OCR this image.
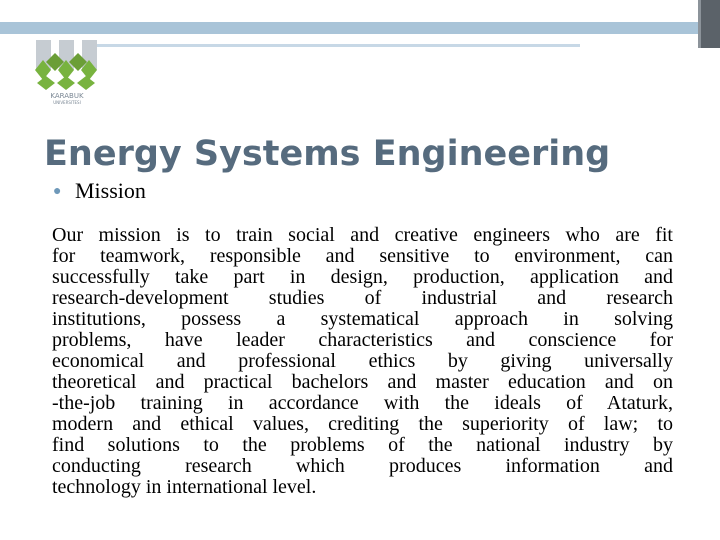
KARABUK
UNIVERSITESI
Energy Systems Engineering
● Mission
Our mission is to train social and creative engineers who are fit
for teamwork, responsible and sensitive to environment, can
successfully take part in design, production, application and
research-development studies of industrial and research
institutions, possess a systematical approach in solving
problems, have leader characteristics and conscience for
economical and professional ethics by giving universally
theoretical and practical bachelors and master education and on
-the-job training in accordance with the ideals of Ataturk,
modern and ethical values, crediting the superiority of law; to
find solutions to the problems of the national industry by
conducting research which produces information and
technology in international level.
